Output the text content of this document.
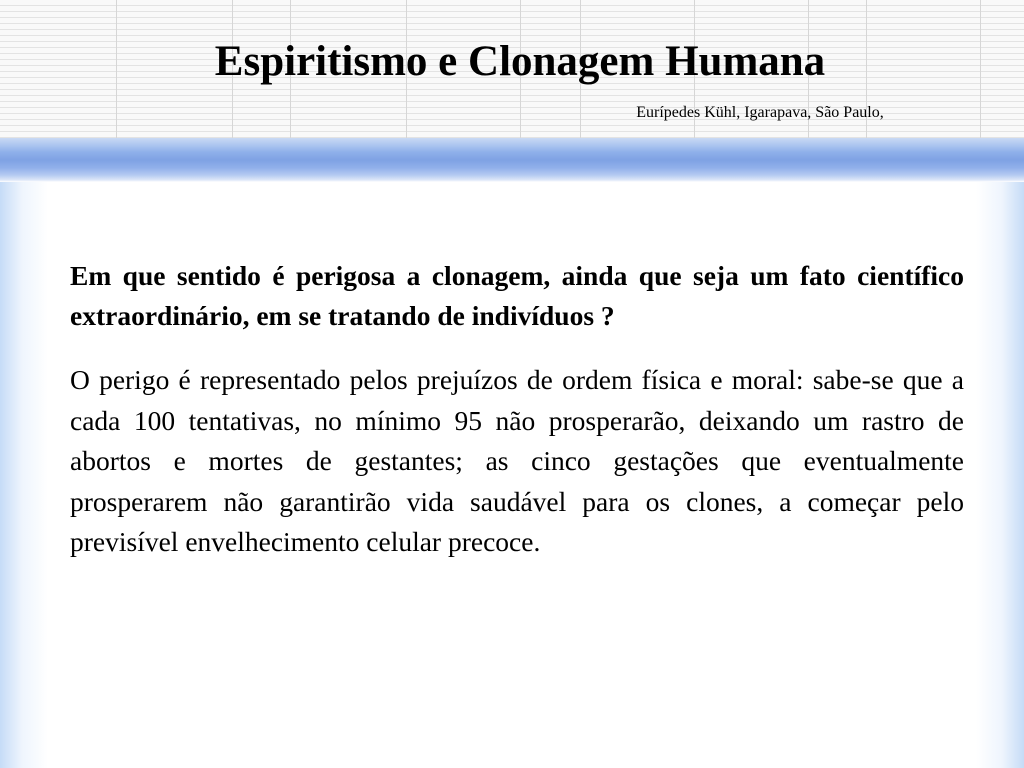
Espiritismo e Clonagem Humana
Eurípedes Kühl, Igarapava, São Paulo,

Em que sentido é perigosa a clonagem, ainda que seja um fato científico extraordinário, em se tratando de indivíduos ?

O perigo é representado pelos prejuízos de ordem física e moral: sabe-se que a cada 100 tentativas, no mínimo 95 não prosperarão, deixando um rastro de abortos e mortes de gestantes; as cinco gestações que eventualmente prosperarem não garantirão vida saudável para os clones, a começar pelo previsível envelhecimento celular precoce.
